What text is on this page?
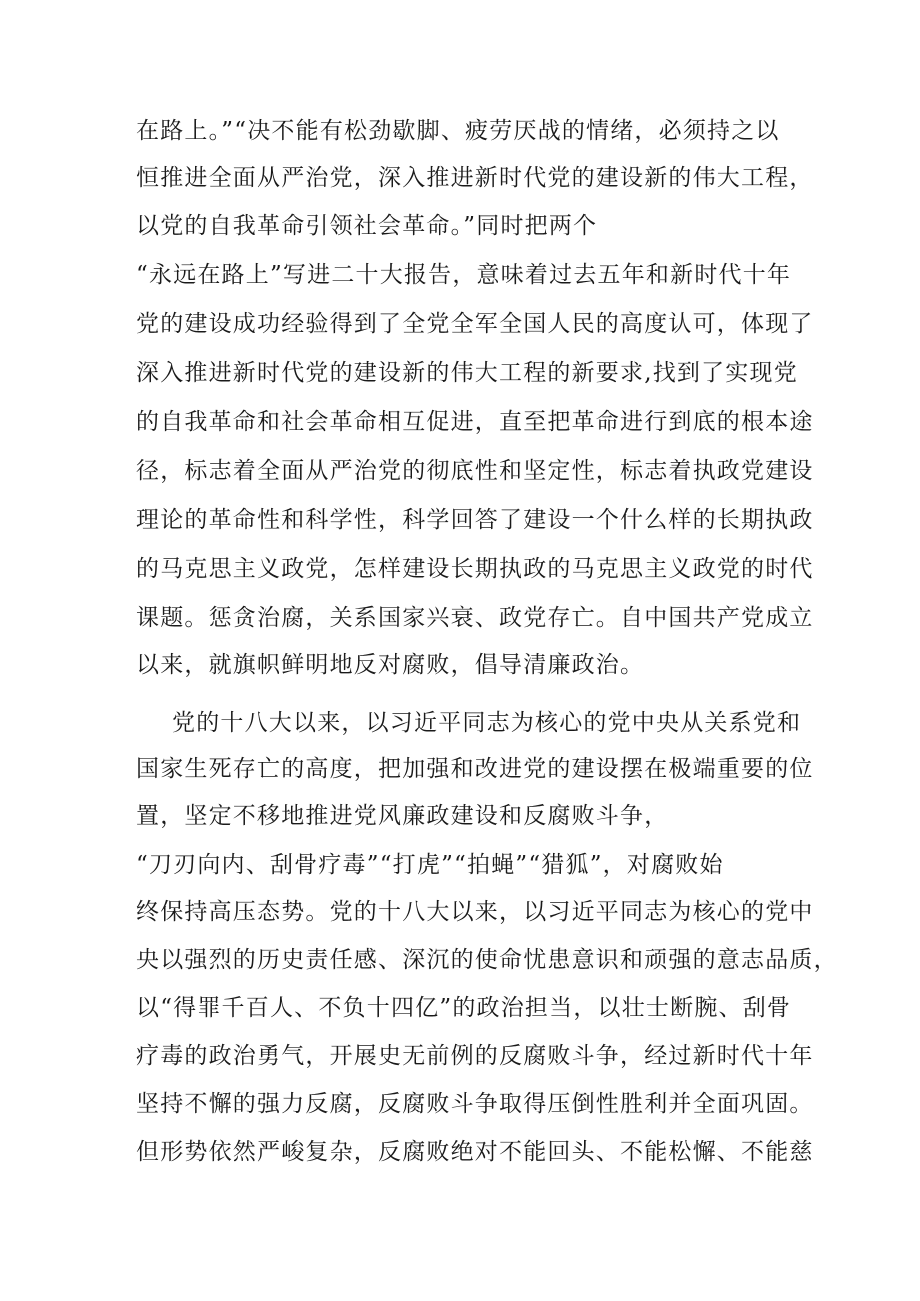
在路上。”“决不能有松劲歇脚、疲劳厌战的情绪，必须持之以
恒推进全面从严治党，深入推进新时代党的建设新的伟大工程，
以党的自我革命引领社会革命。”同时把两个
“永远在路上”写进二十大报告，意味着过去五年和新时代十年
党的建设成功经验得到了全党全军全国人民的高度认可，体现了
深入推进新时代党的建设新的伟大工程的新要求,找到了实现党
的自我革命和社会革命相互促进，直至把革命进行到底的根本途
径，标志着全面从严治党的彻底性和坚定性，标志着执政党建设
理论的革命性和科学性，科学回答了建设一个什么样的长期执政
的马克思主义政党，怎样建设长期执政的马克思主义政党的时代
课题。惩贪治腐，关系国家兴衰、政党存亡。自中国共产党成立
以来，就旗帜鲜明地反对腐败，倡导清廉政治。
党的十八大以来，以习近平同志为核心的党中央从关系党和
国家生死存亡的高度，把加强和改进党的建设摆在极端重要的位
置，坚定不移地推进党风廉政建设和反腐败斗争，
“刀刃向内、刮骨疗毒”“打虎”“拍蝇”“猎狐”，对腐败始
终保持高压态势。党的十八大以来，以习近平同志为核心的党中
央以强烈的历史责任感、深沉的使命忧患意识和顽强的意志品质，
以“得罪千百人、不负十四亿”的政治担当，以壮士断腕、刮骨
疗毒的政治勇气，开展史无前例的反腐败斗争，经过新时代十年
坚持不懈的强力反腐，反腐败斗争取得压倒性胜利并全面巩固。
但形势依然严峻复杂，反腐败绝对不能回头、不能松懈、不能慈
